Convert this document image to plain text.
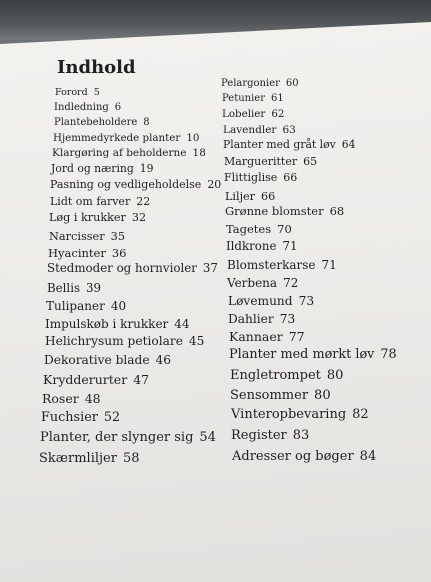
Indhold
Forord 5
Indledning 6
Plantebeholdere 8
Hjemmedyrkede planter 10
Klargøring af beholderne 18
Jord og næring 19
Pasning og vedligeholdelse 20
Lidt om farver 22
Løg i krukker 32
Narcisser 35
Hyacinter 36
Stedmoder og hornvioler 37
Bellis 39
Tulipaner 40
Impulskøb i krukker 44
Helichrysum petiolare 45
Dekorative blade 46
Krydderurter 47
Roser 48
Fuchsier 52
Planter, der slynger sig 54
Skærmliljer 58
Pelargonier 60
Petunier 61
Lobelier 62
Lavendler 63
Planter med gråt løv 64
Margueritter 65
Flittiglise 66
Liljer 66
Grønne blomster 68
Tagetes 70
Ildkrone 71
Blomsterkarse 71
Verbena 72
Løvemund 73
Dahlier 73
Kannaer 77
Planter med mørkt løv 78
Engletrompet 80
Sensommer 80
Vinteropbevaring 82
Register 83
Adresser og bøger 84
